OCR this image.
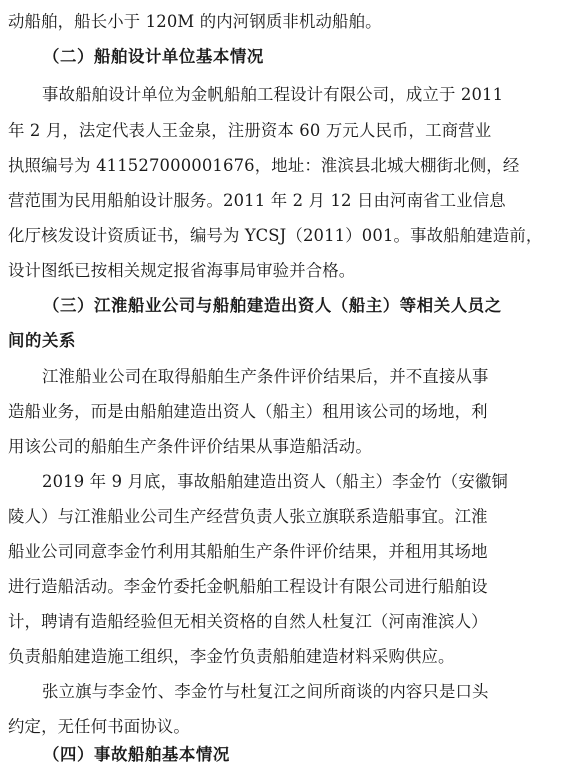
动船舶，船长小于 120M 的内河钢质非机动船舶。
（二）船舶设计单位基本情况
事故船舶设计单位为金帆船舶工程设计有限公司，成立于 2011
年 2 月，法定代表人王金泉，注册资本 60 万元人民币，工商营业
执照编号为 411527000001676，地址：淮滨县北城大棚街北侧，经
营范围为民用船舶设计服务。2011 年 2 月 12 日由河南省工业信息
化厅核发设计资质证书，编号为 YCSJ（2011）001。事故船舶建造前，
设计图纸已按相关规定报省海事局审验并合格。
（三）江淮船业公司与船舶建造出资人（船主）等相关人员之
间的关系
江淮船业公司在取得船舶生产条件评价结果后，并不直接从事
造船业务，而是由船舶建造出资人（船主）租用该公司的场地，利
用该公司的船舶生产条件评价结果从事造船活动。
2019 年 9 月底，事故船舶建造出资人（船主）李金竹（安徽铜
陵人）与江淮船业公司生产经营负责人张立旗联系造船事宜。江淮
船业公司同意李金竹利用其船舶生产条件评价结果，并租用其场地
进行造船活动。李金竹委托金帆船舶工程设计有限公司进行船舶设
计，聘请有造船经验但无相关资格的自然人杜复江（河南淮滨人）
负责船舶建造施工组织，李金竹负责船舶建造材料采购供应。
张立旗与李金竹、李金竹与杜复江之间所商谈的内容只是口头
约定，无任何书面协议。
（四）事故船舶基本情况
